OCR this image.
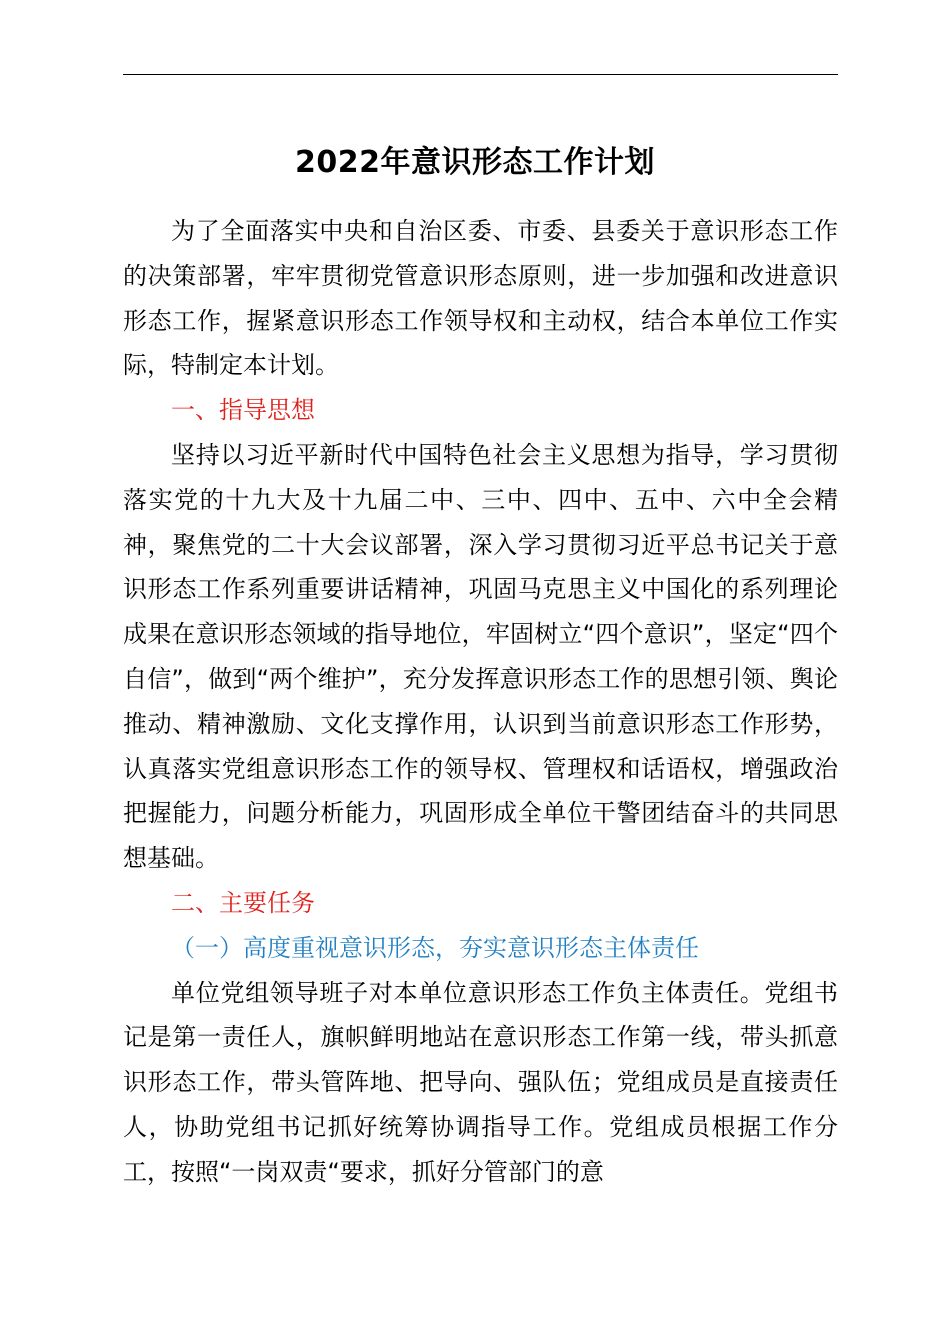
2022年意识形态工作计划

为了全面落实中央和自治区委、市委、县委关于意识形态工作的决策部署，牢牢贯彻党管意识形态原则，进一步加强和改进意识形态工作，握紧意识形态工作领导权和主动权，结合本单位工作实际，特制定本计划。

一、指导思想

坚持以习近平新时代中国特色社会主义思想为指导，学习贯彻落实党的十九大及十九届二中、三中、四中、五中、六中全会精神，聚焦党的二十大会议部署，深入学习贯彻习近平总书记关于意识形态工作系列重要讲话精神，巩固马克思主义中国化的系列理论成果在意识形态领域的指导地位，牢固树立“四个意识”，坚定“四个自信”，做到“两个维护”，充分发挥意识形态工作的思想引领、舆论推动、精神激励、文化支撑作用，认识到当前意识形态工作形势，认真落实党组意识形态工作的领导权、管理权和话语权，增强政治把握能力，问题分析能力，巩固形成全单位干警团结奋斗的共同思想基础。

二、主要任务

（一）高度重视意识形态，夯实意识形态主体责任

单位党组领导班子对本单位意识形态工作负主体责任。党组书记是第一责任人，旗帜鲜明地站在意识形态工作第一线，带头抓意识形态工作，带头管阵地、把导向、强队伍；党组成员是直接责任人，协助党组书记抓好统筹协调指导工作。党组成员根据工作分工，按照“一岗双责“要求，抓好分管部门的意
